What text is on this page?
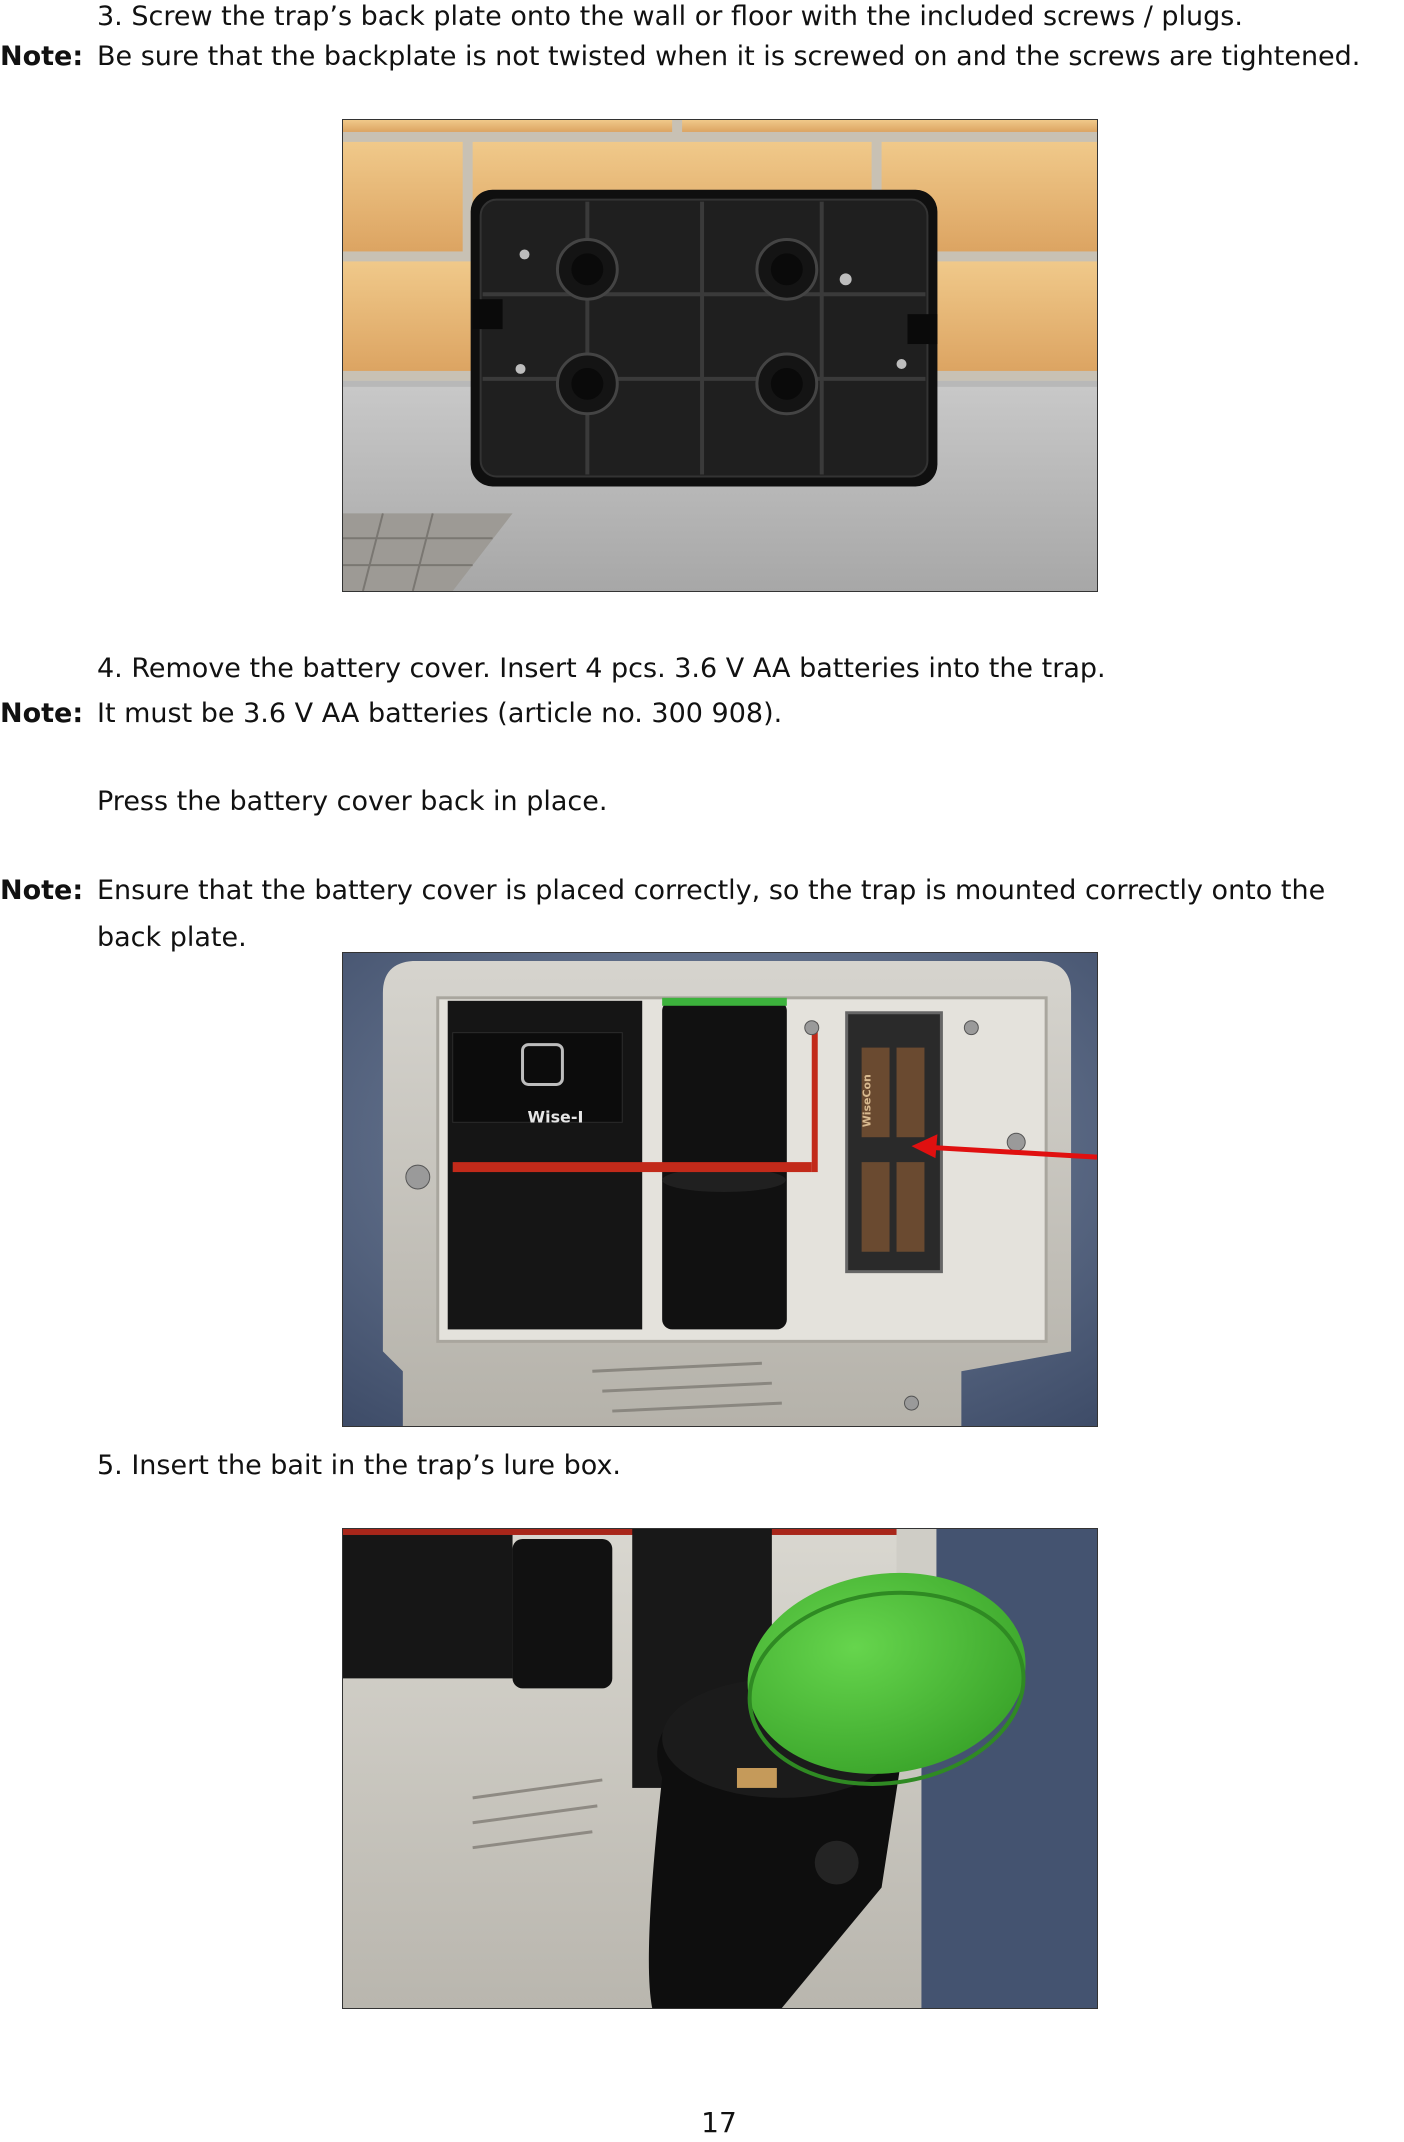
3. Screw the trap’s back plate onto the wall or floor with the included screws / plugs.
Note: Be sure that the backplate is not twisted when it is screwed on and the screws are tightened.
4. Remove the battery cover. Insert 4 pcs. 3.6 V AA batteries into the trap.
Note: It must be 3.6 V AA batteries (article no. 300 908).
Press the battery cover back in place.
Note: Ensure that the battery cover is placed correctly, so the trap is mounted correctly onto the
back plate.
Wise-I	WiseCon
5. Insert the bait in the trap’s lure box.
17
